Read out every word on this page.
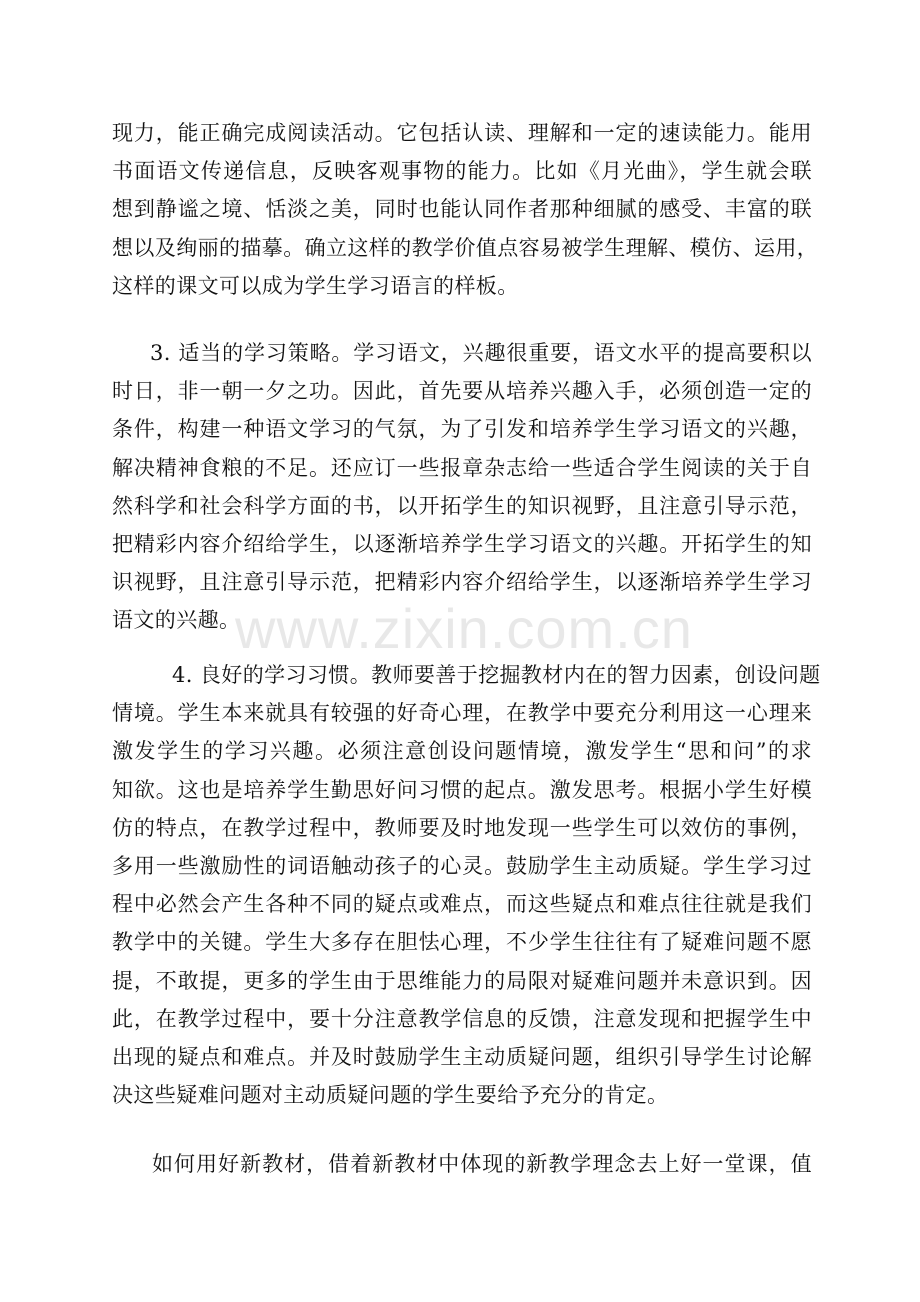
现力，能正确完成阅读活动。它包括认读、理解和一定的速读能力。能用
书面语文传递信息，反映客观事物的能力。比如《月光曲》，学生就会联
想到静谧之境、恬淡之美，同时也能认同作者那种细腻的感受、丰富的联
想以及绚丽的描摹。确立这样的教学价值点容易被学生理解、模仿、运用，
这样的课文可以成为学生学习语言的样板。
3. 适当的学习策略。学习语文，兴趣很重要，语文水平的提高要积以
时日，非一朝一夕之功。因此，首先要从培养兴趣入手，必须创造一定的
条件，构建一种语文学习的气氛，为了引发和培养学生学习语文的兴趣，
解决精神食粮的不足。还应订一些报章杂志给一些适合学生阅读的关于自
然科学和社会科学方面的书，以开拓学生的知识视野，且注意引导示范，
把精彩内容介绍给学生，以逐渐培养学生学习语文的兴趣。开拓学生的知
识视野，且注意引导示范，把精彩内容介绍给学生，以逐渐培养学生学习
语文的兴趣。
4. 良好的学习习惯。教师要善于挖掘教材内在的智力因素，创设问题
情境。学生本来就具有较强的好奇心理，在教学中要充分利用这一心理来
激发学生的学习兴趣。必须注意创设问题情境，激发学生“思和问”的求
知欲。这也是培养学生勤思好问习惯的起点。激发思考。根据小学生好模
仿的特点，在教学过程中，教师要及时地发现一些学生可以效仿的事例，
多用一些激励性的词语触动孩子的心灵。鼓励学生主动质疑。学生学习过
程中必然会产生各种不同的疑点或难点，而这些疑点和难点往往就是我们
教学中的关键。学生大多存在胆怯心理，不少学生往往有了疑难问题不愿
提，不敢提，更多的学生由于思维能力的局限对疑难问题并未意识到。因
此，在教学过程中，要十分注意教学信息的反馈，注意发现和把握学生中
出现的疑点和难点。并及时鼓励学生主动质疑问题，组织引导学生讨论解
决这些疑难问题对主动质疑问题的学生要给予充分的肯定。
如何用好新教材，借着新教材中体现的新教学理念去上好一堂课，值
www.zixin.com.cn
